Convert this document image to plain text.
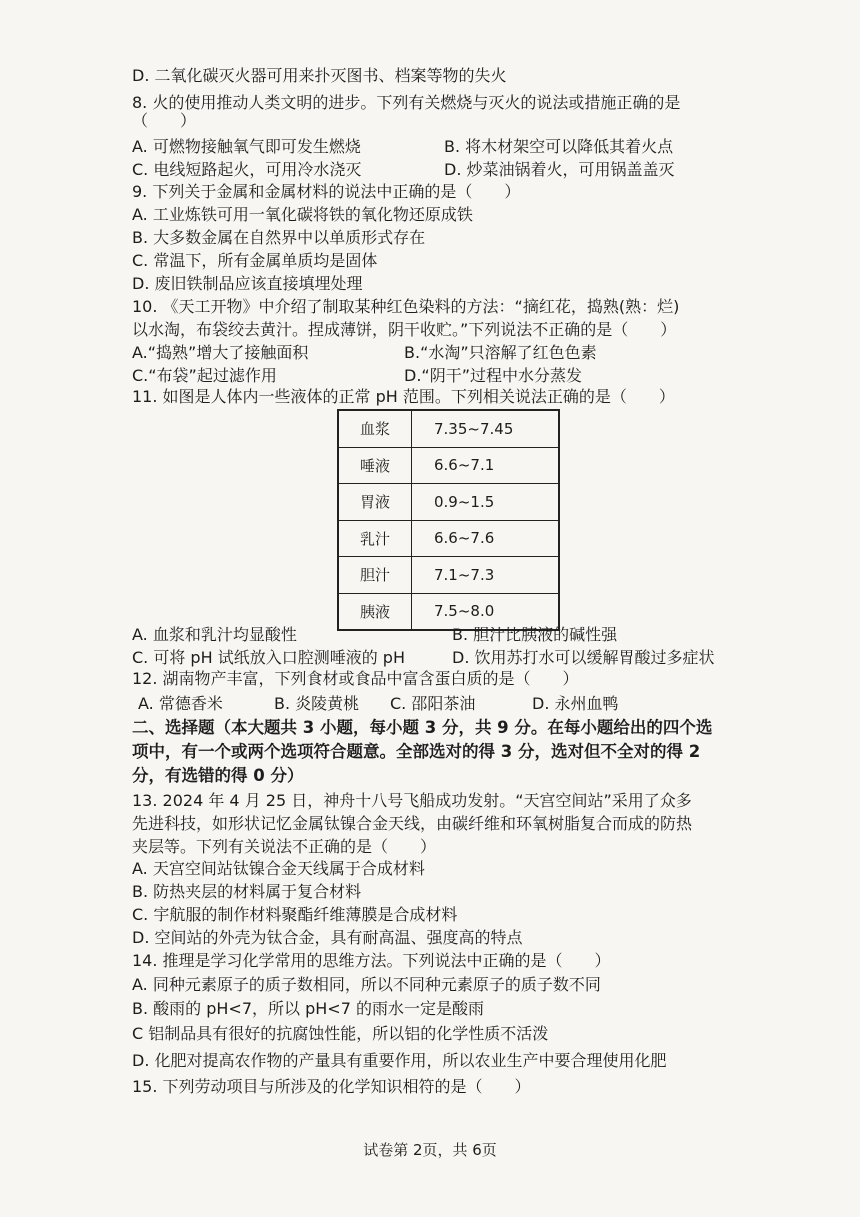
D. 二氧化碳灭火器可用来扑灭图书、档案等物的失火
8. 火的使用推动人类文明的进步。下列有关燃烧与灭火的说法或措施正确的是
（　　）
A. 可燃物接触氧气即可发生燃烧	B. 将木材架空可以降低其着火点
C. 电线短路起火，可用冷水浇灭	D. 炒菜油锅着火，可用锅盖盖灭
9. 下列关于金属和金属材料的说法中正确的是（　　）
A. 工业炼铁可用一氧化碳将铁的氧化物还原成铁
B. 大多数金属在自然界中以单质形式存在
C. 常温下，所有金属单质均是固体
D. 废旧铁制品应该直接填埋处理
10. 《天工开物》中介绍了制取某种红色染料的方法：“摘红花，捣熟(熟：烂)
以水淘，布袋绞去黄汁。捏成薄饼，阴干收贮。”下列说法不正确的是（　　）
A.“捣熟”增大了接触面积	B.“水淘”只溶解了红色色素
C.“布袋”起过滤作用	D.“阴干”过程中水分蒸发
11. 如图是人体内一些液体的正常 pH 范围。下列相关说法正确的是（　　）
血浆	7.35~7.45
唾液	6.6~7.1
胃液	0.9~1.5
乳汁	6.6~7.6
胆汁	7.1~7.3
胰液	7.5~8.0
A. 血浆和乳汁均显酸性	B. 胆汁比胰液的碱性强
C. 可将 pH 试纸放入口腔测唾液的 pH	D. 饮用苏打水可以缓解胃酸过多症状
12. 湖南物产丰富，下列食材或食品中富含蛋白质的是（　　）
A. 常德香米	B. 炎陵黄桃 C. 邵阳茶油	D. 永州血鸭
二、选择题（本大题共 3 小题，每小题 3 分，共 9 分。在每小题给出的四个选
项中，有一个或两个选项符合题意。全部选对的得 3 分，选对但不全对的得 2
分，有选错的得 0 分）
13. 2024 年 4 月 25 日，神舟十八号飞船成功发射。“天宫空间站”采用了众多
先进科技，如形状记忆金属钛镍合金天线，由碳纤维和环氧树脂复合而成的防热
夹层等。下列有关说法不正确的是（　　）
A. 天宫空间站钛镍合金天线属于合成材料
B. 防热夹层的材料属于复合材料
C. 宇航服的制作材料聚酯纤维薄膜是合成材料
D. 空间站的外壳为钛合金，具有耐高温、强度高的特点
14. 推理是学习化学常用的思维方法。下列说法中正确的是（　　）
A. 同种元素原子的质子数相同，所以不同种元素原子的质子数不同
B. 酸雨的 pH<7，所以 pH<7 的雨水一定是酸雨
C 铝制品具有很好的抗腐蚀性能，所以铝的化学性质不活泼
D. 化肥对提高农作物的产量具有重要作用，所以农业生产中要合理使用化肥
15. 下列劳动项目与所涉及的化学知识相符的是（　　）
试卷第 2页，共 6页
